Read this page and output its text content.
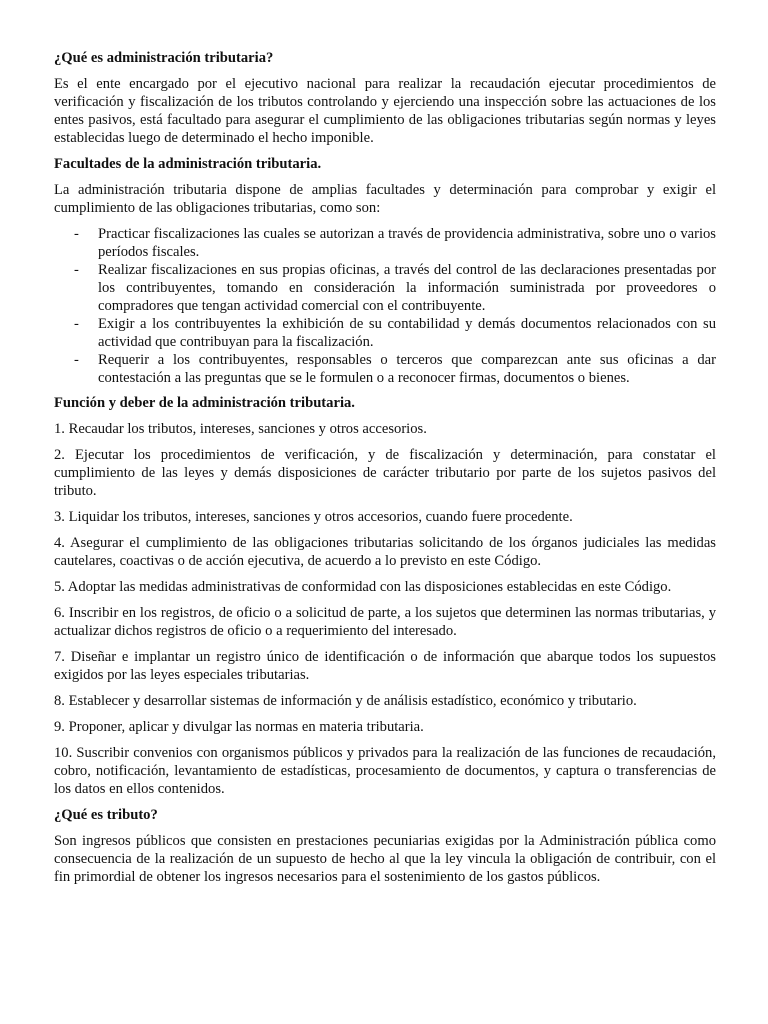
¿Qué es administración tributaria?

Es el ente encargado por el ejecutivo nacional para realizar la recaudación ejecutar procedimientos de verificación y fiscalización de los tributos controlando y ejerciendo una inspección sobre las actuaciones de los entes pasivos, está facultado para asegurar el cumplimiento de las obligaciones tributarias según normas y leyes establecidas luego de determinado el hecho imponible.

Facultades de la administración tributaria.

La administración tributaria dispone de amplias facultades y determinación para comprobar y exigir el cumplimiento de las obligaciones tributarias, como son:

- Practicar fiscalizaciones las cuales se autorizan a través de providencia administrativa, sobre uno o varios períodos fiscales.
- Realizar fiscalizaciones en sus propias oficinas, a través del control de las declaraciones presentadas por los contribuyentes, tomando en consideración la información suministrada por proveedores o compradores que tengan actividad comercial con el contribuyente.
- Exigir a los contribuyentes la exhibición de su contabilidad y demás documentos relacionados con su actividad que contribuyan para la fiscalización.
- Requerir a los contribuyentes, responsables o terceros que comparezcan ante sus oficinas a dar contestación a las preguntas que se le formulen o a reconocer firmas, documentos o bienes.

Función y deber de la administración tributaria.

1. Recaudar los tributos, intereses, sanciones y otros accesorios.

2. Ejecutar los procedimientos de verificación, y de fiscalización y determinación, para constatar el cumplimiento de las leyes y demás disposiciones de carácter tributario por parte de los sujetos pasivos del tributo.

3. Liquidar los tributos, intereses, sanciones y otros accesorios, cuando fuere procedente.

4. Asegurar el cumplimiento de las obligaciones tributarias solicitando de los órganos judiciales las medidas cautelares, coactivas o de acción ejecutiva, de acuerdo a lo previsto en este Código.

5. Adoptar las medidas administrativas de conformidad con las disposiciones establecidas en este Código.

6. Inscribir en los registros, de oficio o a solicitud de parte, a los sujetos que determinen las normas tributarias, y actualizar dichos registros de oficio o a requerimiento del interesado.

7. Diseñar e implantar un registro único de identificación o de información que abarque todos los supuestos exigidos por las leyes especiales tributarias.

8. Establecer y desarrollar sistemas de información y de análisis estadístico, económico y tributario.

9. Proponer, aplicar y divulgar las normas en materia tributaria.

10. Suscribir convenios con organismos públicos y privados para la realización de las funciones de recaudación, cobro, notificación, levantamiento de estadísticas, procesamiento de documentos, y captura o transferencias de los datos en ellos contenidos.

¿Qué es tributo?

Son ingresos públicos que consisten en prestaciones pecuniarias exigidas por la Administración pública como consecuencia de la realización de un supuesto de hecho al que la ley vincula la obligación de contribuir, con el fin primordial de obtener los ingresos necesarios para el sostenimiento de los gastos públicos.
